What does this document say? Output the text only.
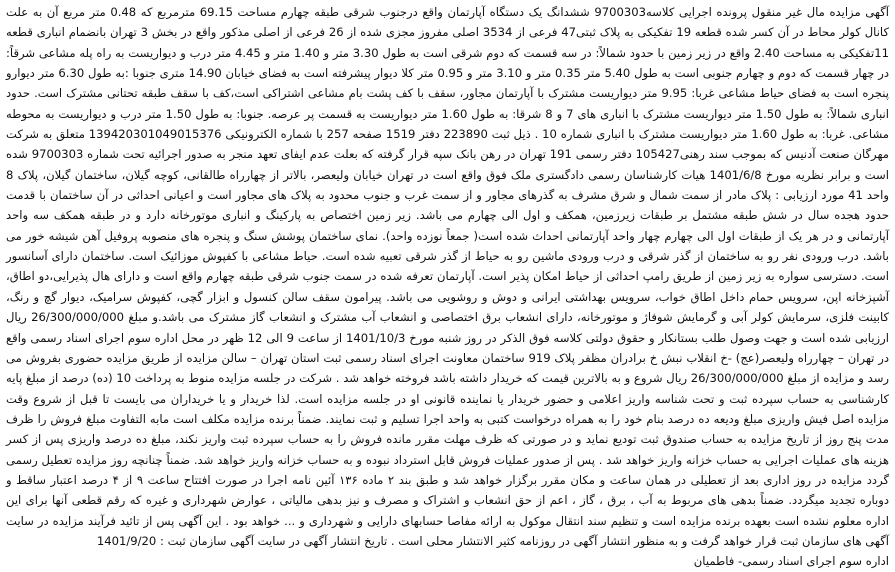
آگهی مزایده مال غیر منقول پرونده اجرایی کلاسه9700303 ششدانگ یک دستگاه آپارتمان واقع درجنوب شرقی طبقه چهارم مساحت 69.15 مترمربع که 0.48 متر مربع آن به علت کانال کولر محاط در آن کسر شده قطعه 19 تفکیکی به پلاک ثبتی47 فرعی از 3534 اصلی مفروز مجزی شده از 26 فرعی از اصلی مذکور واقع در بخش 3 تهران بانضمام انباری قطعه 11تفکیکی به مساحت 2.40 واقع در زیر زمین با حدود شمالاً: در سه قسمت که دوم شرقی است به طول 3.30 متر و 1.40 متر و 4.45 متر درب و دیواریست به راه پله مشاعی شرقاً: در چهار قسمت که دوم و چهارم جنوبی است به طول 5.40 متر 0.35 متر و 3.10 متر و 0.95 متر کلا دیوار پیشرفته است به فضای خیابان 14.90 متری جنوبا :به طول 6.30 متر دیوارو پنجره است به فضای حیاط مشاعی غربا: 9.95 متر دیواریست مشترک با آپارتمان مجاور، سقف با کف پشت بام مشاعی اشتراکی است،کف با سقف طبقه تحتانی مشترک است. حدود انباری شمالاً: به طول 1.50 متر دیواریست مشترک با انباری های 7 و 8 شرقا: به طول 1.60 متر دیواریست به قسمت پر عرصه. جنوبا: به طول 1.50 متر درب و دیواریست به محوطه مشاعی. غربا: به طول 1.60 متر دیواریست مشترک با انباری شماره 10 . ذیل ثبت 223890 دفتر 1519 صفحه 257 با شماره الکترونیکی 139420301049015376 متعلق به شرکت مهرگان صنعت آدنیس که بموجب سند رهنی105427 دفتر رسمی 191 تهران در رهن بانک سپه قرار گرفته که بعلت عدم ایفای تعهد منجر به صدور اجرائیه تحت شماره 9700303 شده است و برابر نظریه مورخ 1401/6/8 هیات کارشناسان رسمی دادگستری ملک فوق واقع است در تهران خیابان ولیعصر، بالاتر از چهارراه طالقانی، کوچه گیلان، ساختمان گیلان، پلاک 8 واحد 41 مورد ارزیابی : پلاک مادر از سمت شمال و شرق مشرف به گذرهای مجاور و از سمت غرب و جنوب محدود به پلاک های مجاور است و اعیانی احداثی در آن ساختمان با قدمت حدود هجده سال در شش طبقه مشتمل بر طبقات زیرزمین، همکف و اول الی چهارم می باشد. زیر زمین اختصاص به پارکینگ و انباری موتورخانه دارد و در طبقه همکف سه واحد آپارتمانی و در هر یک از طبقات اول الی چهارم چهار واحد آپارتمانی احداث شده است( جمعاً نوزده واحد). نمای ساختمان پوشش سنگ و پنجره های منصوبه پروفیل آهن شیشه خور می باشد. درب ورودی نفر رو به ساختمان از گذر شرقی و درب ورودی ماشین رو به حیاط از گذر شرقی تعبیه شده است. حیاط مشاعی با کفپوش موزائیک است. ساختمان دارای آسانسور است. دسترسی سواره به زیر زمین از طریق رامپ احداثی از حیاط امکان پذیر است. آپارتمان تعرفه شده در سمت جنوب شرقی طبقه چهارم واقع است و دارای هال پذیرایی،دو اطاق، آشپزخانه اپن، سرویس حمام داخل اطاق خواب، سرویس بهداشتی ایرانی و دوش و روشویی می باشد. پیرامون سقف سالن کنسول و ابزار گچی، کفپوش سرامیک، دیوار گچ و رنگ، کابینت فلزی، سرمایش کولر آبی و گرمایش شوفاژ و موتورخانه، دارای انشعاب برق اختصاصی و انشعاب آب مشترک و انشعاب گاز مشترک می باشد.و مبلغ 26/300/000/000 ریال ارزیابی شده است و جهت وصول طلب بستانکار و حقوق دولتی کلاسه فوق الذکر در روز شنبه مورخ 1401/10/3 از ساعت 9 الی 12 ظهر در محل اداره سوم اجرای اسناد رسمی واقع در تهران – چهارراه ولیعصر(عج) -خ انقلاب نبش خ برادران مظفر پلاک 919 ساختمان معاونت اجرای اسناد رسمی ثبت استان تهران – سالن مزایده از طریق مزایده حضوری بفروش می رسد و مزایده از مبلغ 26/300/000/000 ریال شروع و به بالاترین قیمت که خریدار داشته باشد فروخته خواهد شد . شرکت در جلسه مزایده منوط به پرداخت 10 (ده) درصد از مبلغ پایه کارشناسی به حساب سپرده ثبت و تحت شناسه واریز اعلامی و حضور خریدار یا نماینده قانونی او در جلسه مزایده است. لذا خریدار و یا خریداران می بایست تا قبل از شروع وقت مزایده اصل فیش واریزی مبلغ ودیعه ده درصد بنام خود را به همراه درخواست کتبی به واحد اجرا تسلیم و ثبت نمایند. ضمناً برنده مزایده مکلف است مابه التفاوت مبلغ فروش را ظرف مدت پنج روز از تاریخ مزایده به حساب صندوق ثبت تودیع نماید و در صورتی که ظرف مهلت مقرر مانده فروش را به حساب سپرده ثبت واریز نکند، مبلغ ده درصد واریزی پس از کسر هزینه های عملیات اجرایی به حساب خزانه واریز خواهد شد . پس از صدور عملیات فروش قابل استرداد نبوده و به حساب خزانه واریز خواهد شد. ضمناً چنانچه روز مزایده تعطیل رسمی گردد مزایده در روز اداری بعد از تعطیلی در همان ساعت و مکان مقرر برگزار خواهد شد و طبق بند ۲ ماده ۱۳۶ آئین نامه اجرا در صورت افتتاح ساعت ۹ از ۴ درصد اعتبار ساقط و دوباره تجدید میگردد. ضمناً بدهی های مربوط به آب ، برق ، گاز ، اعم از حق انشعاب و اشتراک و مصرف و نیز بدهی مالیاتی ، عوارض شهرداری و غیره که رقم قطعی آنها برای این اداره معلوم نشده است بعهده برنده مزایده است و تنظیم سند انتقال موکول به ارائه مفاصا حسابهای دارایی و شهرداری و ... خواهد بود . این آگهی پس از تائید فرآیند مزایده در سایت آگهی های سازمان ثبت قرار خواهد گرفت و به منظور انتشار آگهی در روزنامه کثیر الانتشار محلی است . تاریخ انتشار آگهی در سایت آگهی سازمان ثبت : 1401/9/20

اداره سوم اجرای اسناد رسمی- فاطمیان
